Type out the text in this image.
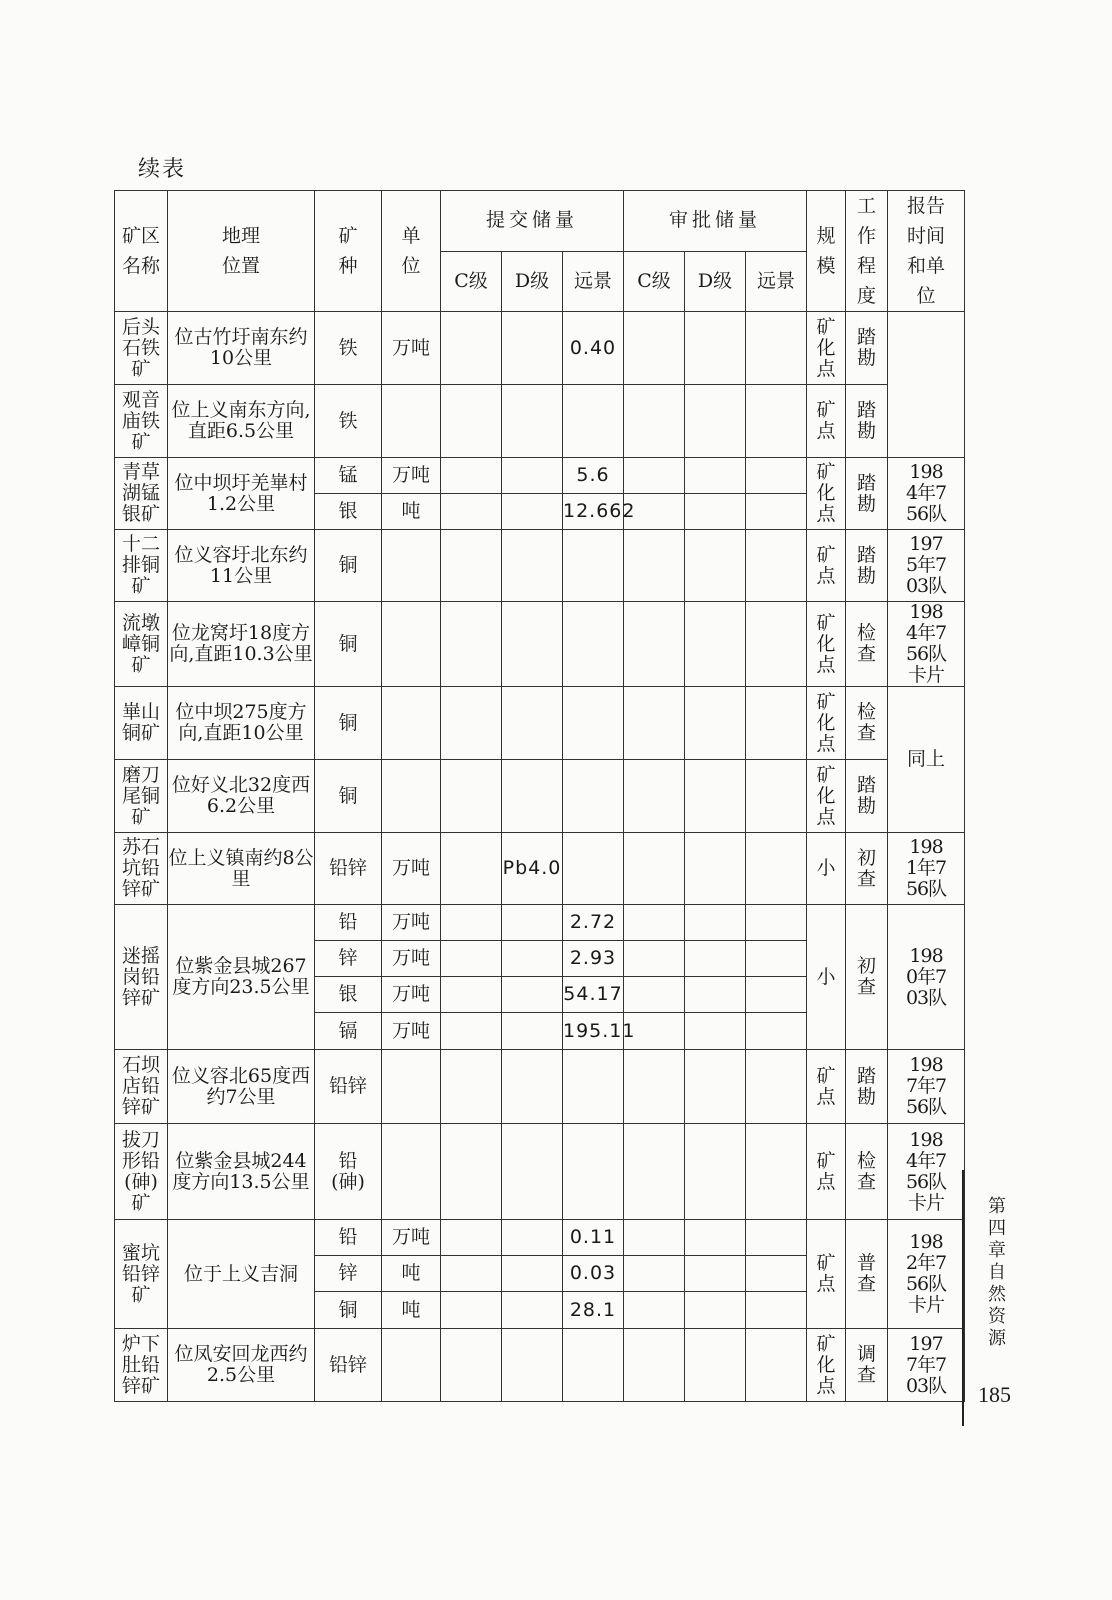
续表
矿区名称	地理位置	矿种	单位	提交储量			审批储量			规模	工作程度	报告时间和单位
				C级	D级	远景	C级	D级	远景			
后头石铁矿	位古竹圩南东约10公里	铁	万吨			0.40				矿化点	踏勘	
观音庙铁矿	位上义南东方向,直距6.5公里	铁								矿点	踏勘	
青草湖锰银矿	位中坝圩羌崋村1.2公里	锰	万吨			5.6				矿化点	踏勘	1984年756队
		银	吨			12.662						
十二排铜矿	位义容圩北东约11公里	铜								矿点	踏勘	1975年703队
流墩嶂铜矿	位龙窝圩18度方向,直距10.3公里	铜								矿化点	检查	1984年756队卡片
崋山铜矿	位中坝275度方向,直距10公里	铜								矿化点	检查	同上
磨刀尾铜矿	位好义北32度西6.2公里	铜								矿化点	踏勘	
苏石坑铅锌矿	位上义镇南约8公里	铅锌	万吨		Pb4.0					小	初查	1981年756队
迷摇岗铅锌矿	位紫金县城267度方向23.5公里	铅	万吨			2.72				小	初查	1980年703队
		锌	万吨			2.93						
		银	万吨			54.17						
		镉	万吨			195.11						
石坝店铅锌矿	位义容北65度西约7公里	铅锌								矿点	踏勘	1987年756队
拔刀形铅(砷)矿	位紫金县城244度方向13.5公里	铅(砷)								矿点	检查	1984年756队卡片
蜜坑铅锌矿	位于上义吉洞	铅	万吨			0.11				矿点	普查	1982年756队卡片
		锌	吨			0.03						
		铜	吨			28.1						
炉下肚铅锌矿	位凤安回龙西约2.5公里	铅锌								矿化点	调查	1977年703队
第四章 自然资源
185
